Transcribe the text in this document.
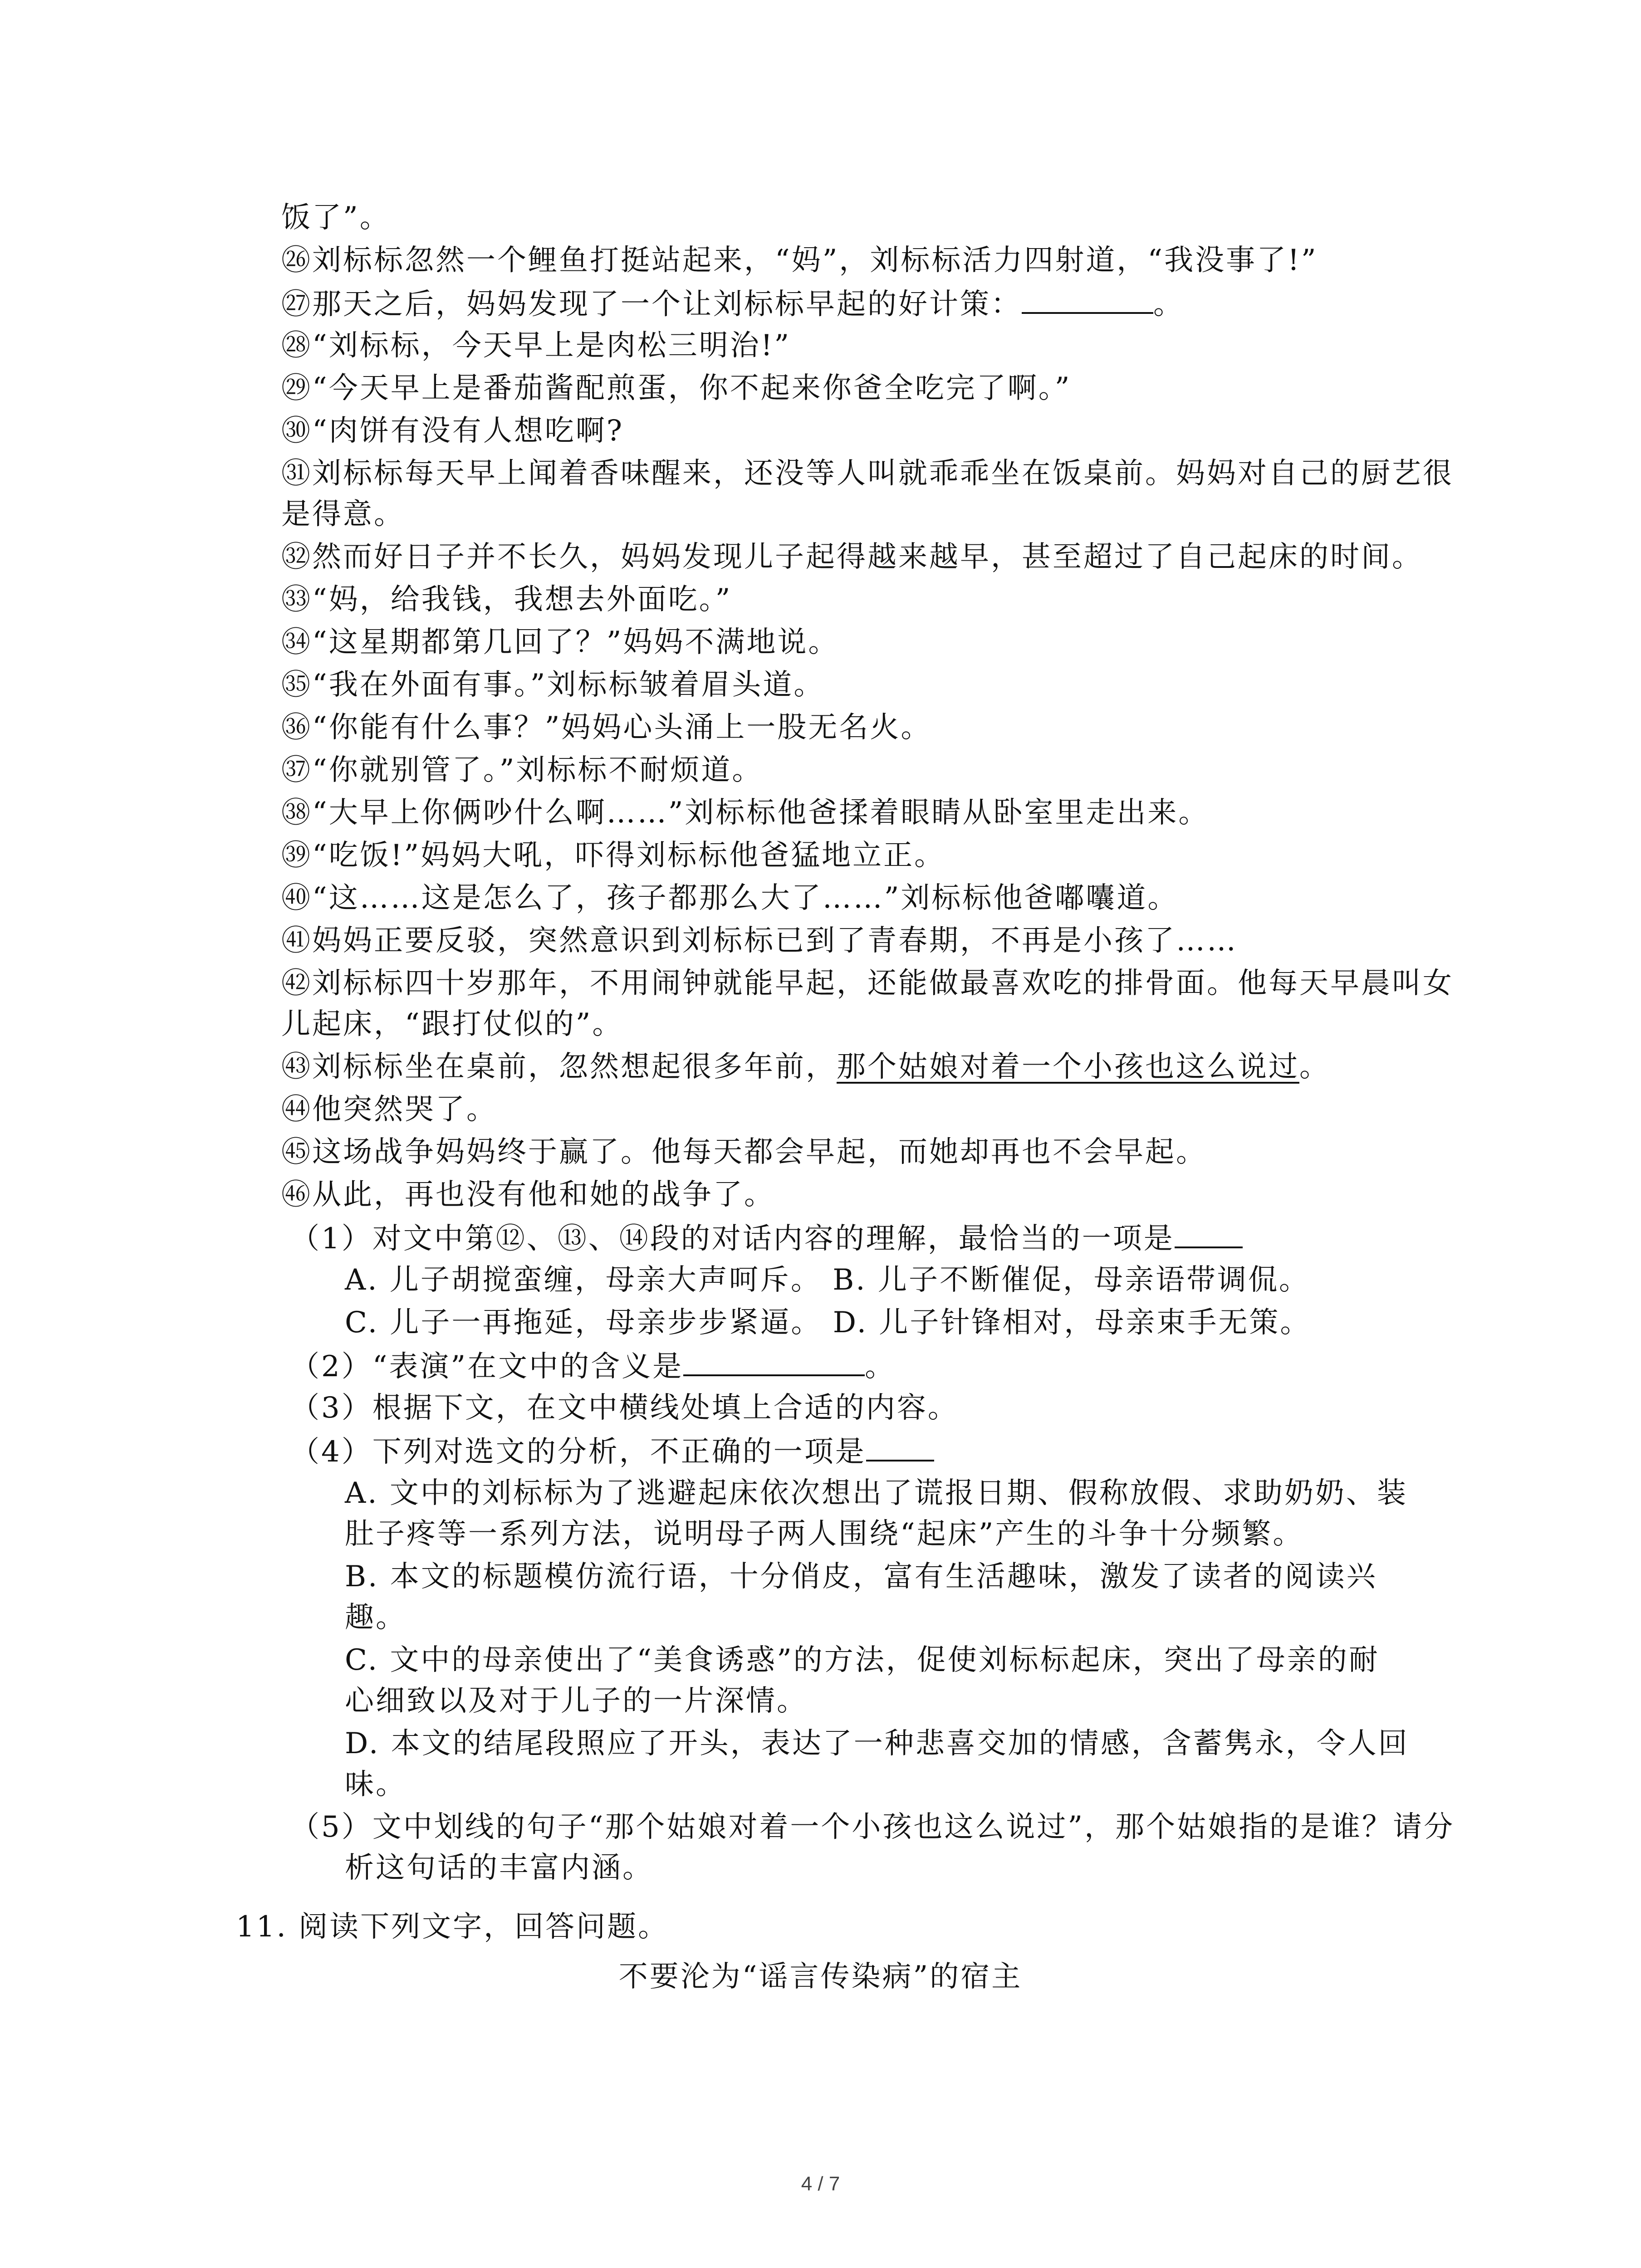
饭了”。
㉖刘标标忽然一个鲤鱼打挺站起来，“妈”，刘标标活力四射道，“我没事了!”
㉗那天之后，妈妈发现了一个让刘标标早起的好计策：	。
㉘“刘标标，今天早上是肉松三明治!”
㉙“今天早上是番茄酱配煎蛋，你不起来你爸全吃完了啊。”
㉚“肉饼有没有人想吃啊?
㉛刘标标每天早上闻着香味醒来，还没等人叫就乖乖坐在饭桌前。妈妈对自己的厨艺很
是得意。
㉜然而好日子并不长久，妈妈发现儿子起得越来越早，甚至超过了自己起床的时间。
㉝“妈，给我钱，我想去外面吃。”
㉞“这星期都第几回了？”妈妈不满地说。
㉟“我在外面有事。”刘标标皱着眉头道。
㊱“你能有什么事？”妈妈心头涌上一股无名火。
㊲“你就别管了。”刘标标不耐烦道。
㊳“大早上你俩吵什么啊……”刘标标他爸揉着眼睛从卧室里走出来。
㊴“吃饭!”妈妈大吼，吓得刘标标他爸猛地立正。
㊵“这……这是怎么了，孩子都那么大了……”刘标标他爸嘟囔道。
㊶妈妈正要反驳，突然意识到刘标标已到了青春期，不再是小孩了……
㊷刘标标四十岁那年，不用闹钟就能早起，还能做最喜欢吃的排骨面。他每天早晨叫女
儿起床，“跟打仗似的”。
㊸刘标标坐在桌前，忽然想起很多年前，那个姑娘对着一个小孩也这么说过。
㊹他突然哭了。
㊺这场战争妈妈终于赢了。他每天都会早起，而她却再也不会早起。
㊻从此，再也没有他和她的战争了。
（1）对文中第⑫、⑬、⑭段的对话内容的理解，最恰当的一项是
A. 儿子胡搅蛮缠，母亲大声呵斥。 B. 儿子不断催促，母亲语带调侃。
C. 儿子一再拖延，母亲步步紧逼。 D. 儿子针锋相对，母亲束手无策。
（2）“表演”在文中的含义是	。
（3）根据下文，在文中横线处填上合适的内容。
（4）下列对选文的分析，不正确的一项是
A. 文中的刘标标为了逃避起床依次想出了谎报日期、假称放假、求助奶奶、装
肚子疼等一系列方法，说明母子两人围绕“起床”产生的斗争十分频繁。
B. 本文的标题模仿流行语，十分俏皮，富有生活趣味，激发了读者的阅读兴
趣。
C. 文中的母亲使出了“美食诱惑”的方法，促使刘标标起床，突出了母亲的耐
心细致以及对于儿子的一片深情。
D. 本文的结尾段照应了开头，表达了一种悲喜交加的情感，含蓄隽永，令人回
味。
（5）文中划线的句子“那个姑娘对着一个小孩也这么说过”，那个姑娘指的是谁？请分
析这句话的丰富内涵。
4 / 7
11. 阅读下列文字，回答问题。
不要沦为“谣言传染病”的宿主
